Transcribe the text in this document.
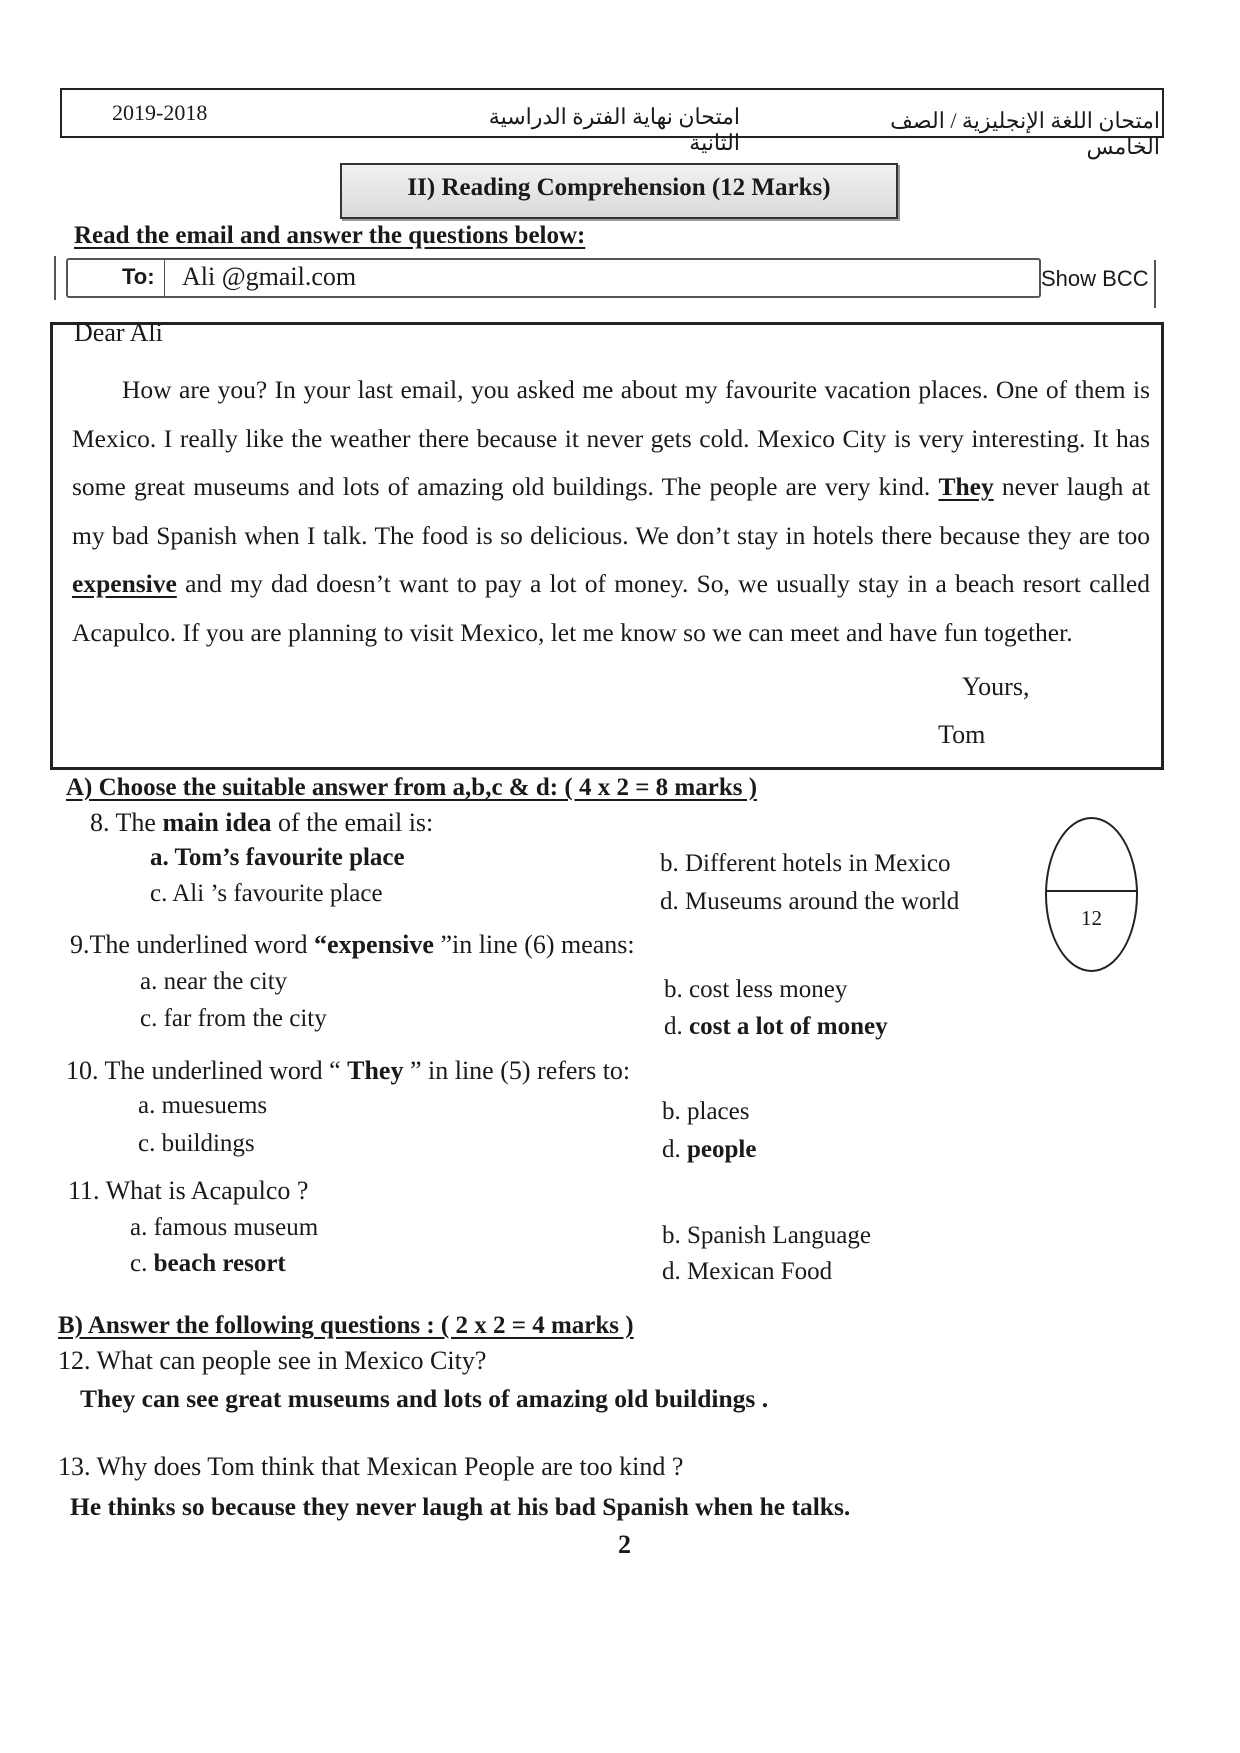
2019-2018	امتحان نهاية الفترة الدراسية الثانية
امتحان اللغة الإنجليزية / الصف الخامس
II) Reading Comprehension (12 Marks)
Read the email and answer the questions below:
To: Ali @gmail.com	Show BCC
Dear Ali
How are you? In your last email, you asked me about my favourite vacation places. One of them is Mexico. I really like the weather there because it never gets cold. Mexico City is very interesting. It has some great museums and lots of amazing old buildings. The people are very kind. They never laugh at my bad Spanish when I talk. The food is so delicious. We don’t stay in hotels there because they are too expensive and my dad doesn’t want to pay a lot of money. So, we usually stay in a beach resort called Acapulco. If you are planning to visit Mexico, let me know so we can meet and have fun together.
Yours,
Tom
A) Choose the suitable answer from a,b,c & d: ( 4 x 2 = 8 marks )
12
8. The main idea of the email is:
a. Tom’s favourite place	b. Different hotels in Mexico
c. Ali ’s favourite place	d. Museums around the world
9.The underlined word “expensive ”in line (6) means:
a. near the city	b. cost less money
c. far from the city	d. cost a lot of money
10. The underlined word “ They ” in line (5) refers to:
a. muesuems	b. places
c. buildings	d. people
11. What is Acapulco ?
a. famous museum	b. Spanish Language
c. beach resort	d. Mexican Food
B) Answer the following questions : ( 2 x 2 = 4 marks )
12. What can people see in Mexico City?
They can see great museums and lots of amazing old buildings .
13. Why does Tom think that Mexican People are too kind ?
He thinks so because they never laugh at his bad Spanish when he talks.
2
